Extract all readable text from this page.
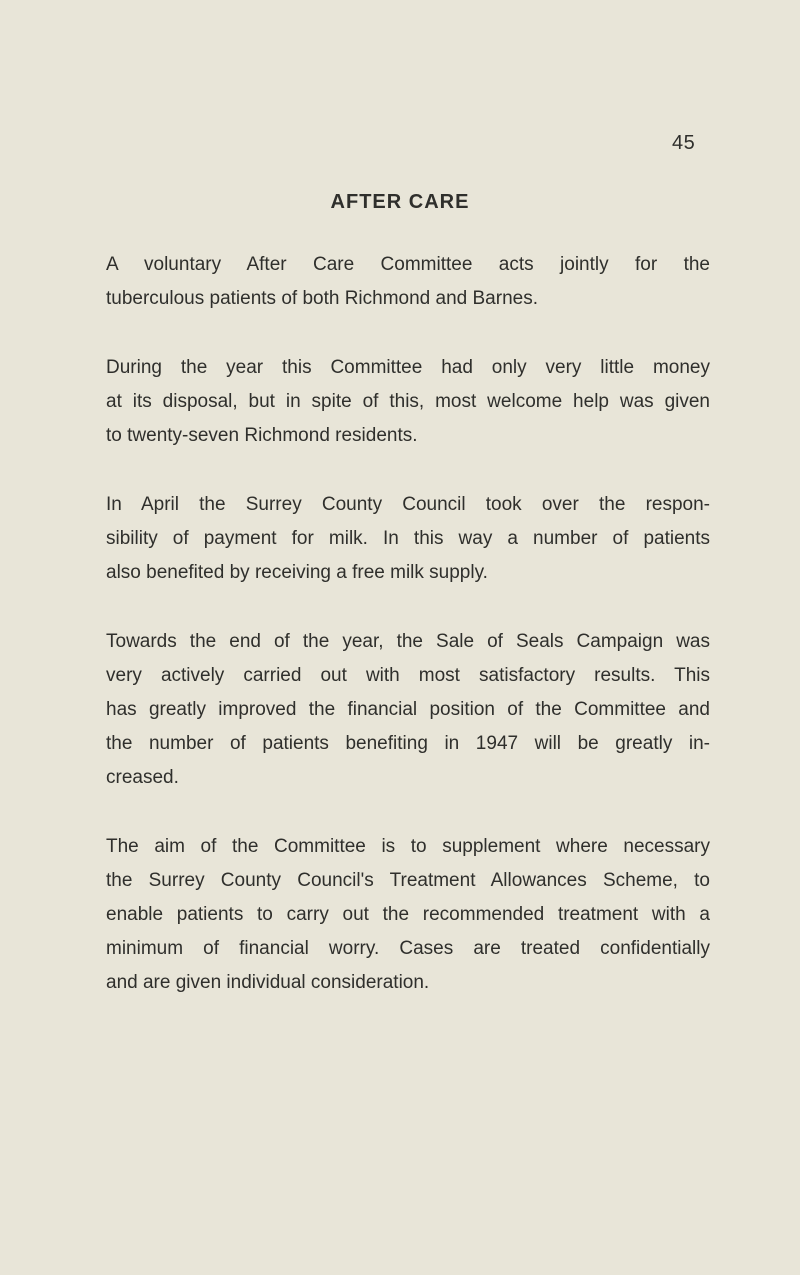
45
AFTER CARE

A voluntary After Care Committee acts jointly for the
tuberculous patients of both Richmond and Barnes.

During the year this Committee had only very little money
at its disposal, but in spite of this, most welcome help was given
to twenty-seven Richmond residents.

In April the Surrey County Council took over the respon-
sibility of payment for milk. In this way a number of patients
also benefited by receiving a free milk supply.

Towards the end of the year, the Sale of Seals Campaign was
very actively carried out with most satisfactory results. This
has greatly improved the financial position of the Committee and
the number of patients benefiting in 1947 will be greatly in-
creased.

The aim of the Committee is to supplement where necessary
the Surrey County Council's Treatment Allowances Scheme, to
enable patients to carry out the recommended treatment with a
minimum of financial worry. Cases are treated confidentially
and are given individual consideration.
